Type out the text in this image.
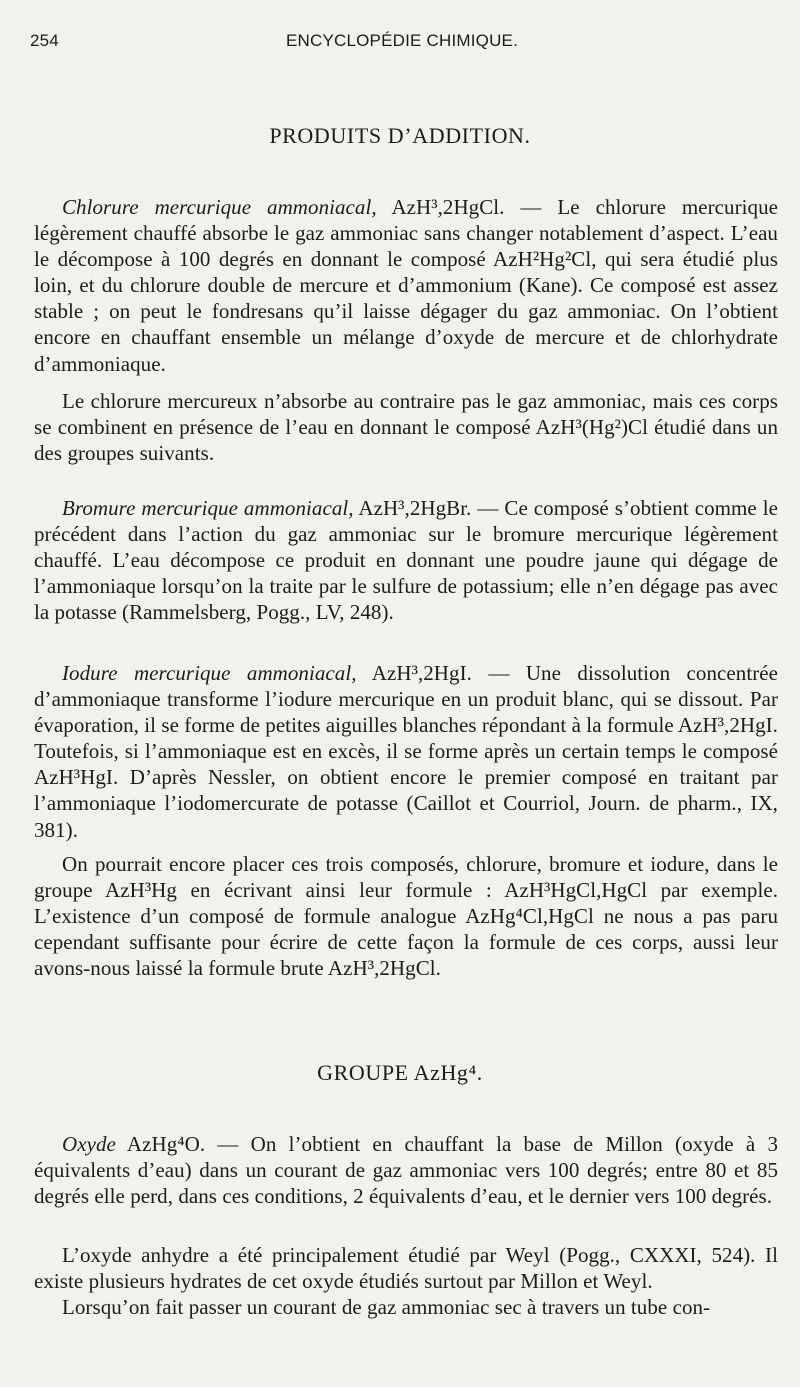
254	ENCYCLOPÉDIE CHIMIQUE.
PRODUITS D’ADDITION.
Chlorure mercurique ammoniacal, AzH³,2HgCl. — Le chlorure mercurique légèrement chauffé absorbe le gaz ammoniac sans changer notablement d’aspect. L’eau le décompose à 100 degrés en donnant le composé AzH²Hg²Cl, qui sera étudié plus loin, et du chlorure double de mercure et d’ammonium (Kane). Ce composé est assez stable ; on peut le fondresans qu’il laisse dégager du gaz ammoniac. On l’obtient encore en chauffant ensemble un mélange d’oxyde de mercure et de chlorhydrate d’ammoniaque.
Le chlorure mercureux n’absorbe au contraire pas le gaz ammoniac, mais ces corps se combinent en présence de l’eau en donnant le composé AzH³(Hg²)Cl étudié dans un des groupes suivants.
Bromure mercurique ammoniacal, AzH³,2HgBr. — Ce composé s’obtient comme le précédent dans l’action du gaz ammoniac sur le bromure mercurique légèrement chauffé. L’eau décompose ce produit en donnant une poudre jaune qui dégage de l’ammoniaque lorsqu’on la traite par le sulfure de potassium; elle n’en dégage pas avec la potasse (Rammelsberg, Pogg., LV, 248).
Iodure mercurique ammoniacal, AzH³,2HgI. — Une dissolution concentrée d’ammoniaque transforme l’iodure mercurique en un produit blanc, qui se dissout. Par évaporation, il se forme de petites aiguilles blanches répondant à la formule AzH³,2HgI. Toutefois, si l’ammoniaque est en excès, il se forme après un certain temps le composé AzH³HgI. D’après Nessler, on obtient encore le premier composé en traitant par l’ammoniaque l’iodomercurate de potasse (Caillot et Courriol, Journ. de pharm., IX, 381).
On pourrait encore placer ces trois composés, chlorure, bromure et iodure, dans le groupe AzH³Hg en écrivant ainsi leur formule : AzH³HgCl,HgCl par exemple. L’existence d’un composé de formule analogue AzHg⁴Cl,HgCl ne nous a pas paru cependant suffisante pour écrire de cette façon la formule de ces corps, aussi leur avons-nous laissé la formule brute AzH³,2HgCl.
GROUPE AzHg⁴.
Oxyde AzHg⁴O. — On l’obtient en chauffant la base de Millon (oxyde à 3 équivalents d’eau) dans un courant de gaz ammoniac vers 100 degrés; entre 80 et 85 degrés elle perd, dans ces conditions, 2 équivalents d’eau, et le dernier vers 100 degrés.
L’oxyde anhydre a été principalement étudié par Weyl (Pogg., CXXXI, 524). Il existe plusieurs hydrates de cet oxyde étudiés surtout par Millon et Weyl.
Lorsqu’on fait passer un courant de gaz ammoniac sec à travers un tube con-
